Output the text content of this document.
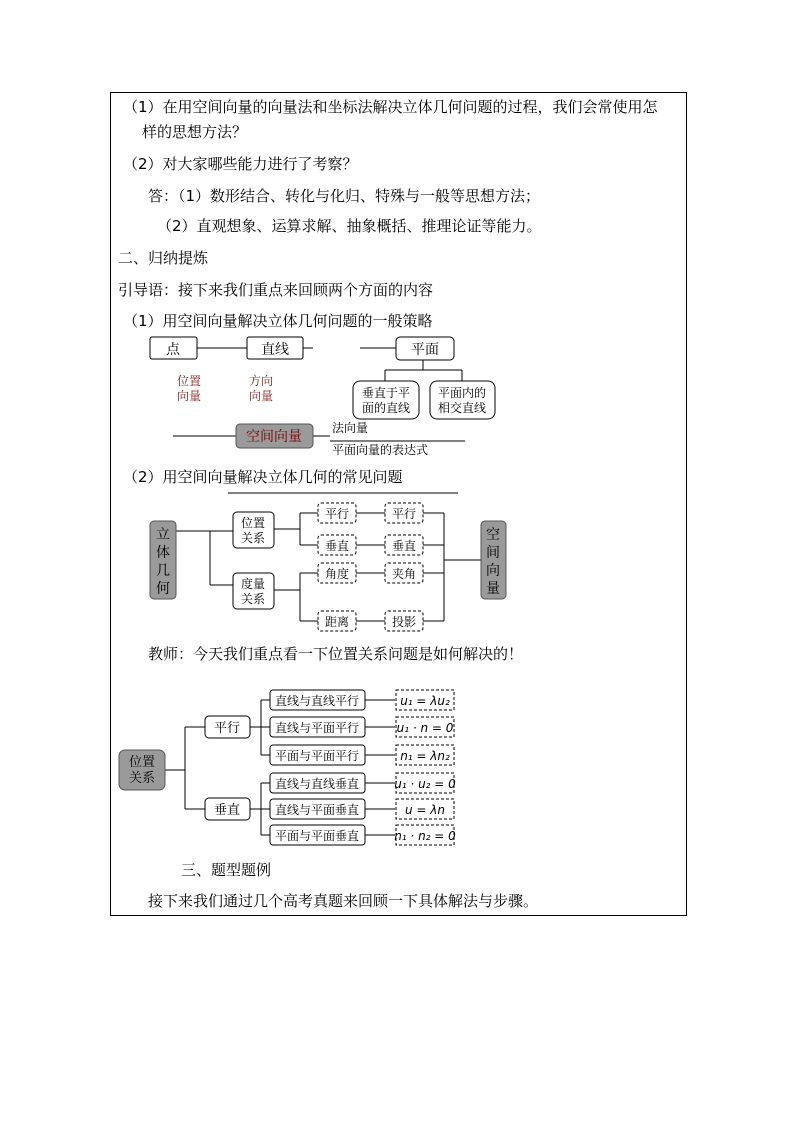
（1）在用空间向量的向量法和坐标法解决立体几何问题的过程，我们会常使用怎
样的思想方法？
（2）对大家哪些能力进行了考察？
答：（1）数形结合、转化与化归、特殊与一般等思想方法；
（2）直观想象、运算求解、抽象概括、推理论证等能力。
二、归纳提炼
引导语：接下来我们重点来回顾两个方面的内容
（1）用空间向量解决立体几何问题的一般策略
点	直线	平面
垂直于平
面的直线
平面内的
相交直线
位置
向量
方向
向量
空间向量
法向量
平面向量的表达式
（2）用空间向量解决立体几何的常见问题
立
体
几
何
空
间
向
量
位置
关系
度量
关系
平行
垂直
角度
距离
平行
垂直
夹角
投影
教师：今天我们重点看一下位置关系问题是如何解决的！
位置
关系
平行
垂直
直线与直线平行	u₁ = λu₂
直线与平面平行	u₁ · n = 0
平面与平面平行	n₁ = λn₂
直线与直线垂直	u₁ · u₂ = 0
直线与平面垂直	u = λn
平面与平面垂直	n₁ · n₂ = 0
三、题型题例
接下来我们通过几个高考真题来回顾一下具体解法与步骤。
